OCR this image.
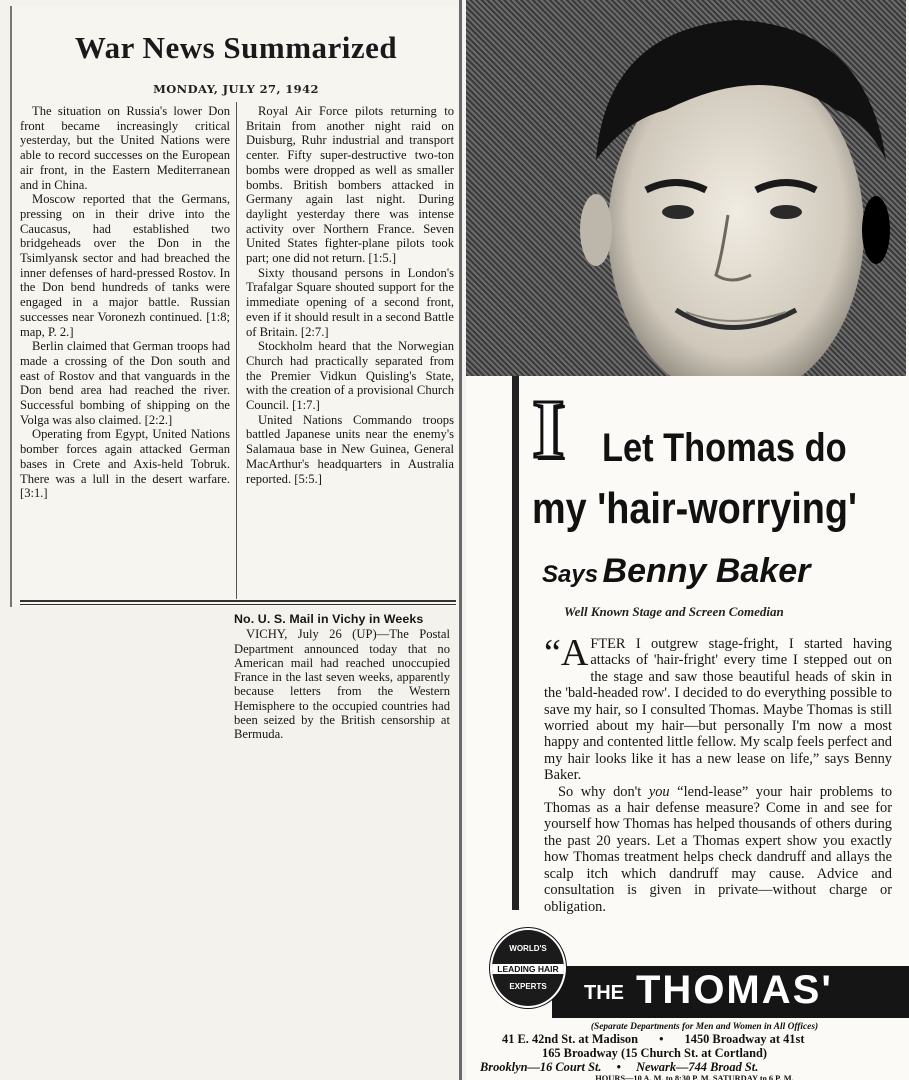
War News Summarized
MONDAY, JULY 27, 1942

The situation on Russia's lower Don front became increasingly critical yesterday, but the United Nations were able to record successes on the European air front, in the Eastern Mediterranean and in China.

Moscow reported that the Germans, pressing on in their drive into the Caucasus, had established two bridgeheads over the Don in the Tsimlyansk sector and had breached the inner defenses of hard-pressed Rostov. In the Don bend hundreds of tanks were engaged in a major battle. Russian successes near Voronezh continued. [1:8; map, P. 2.]

Berlin claimed that German troops had made a crossing of the Don south and east of Rostov and that vanguards in the Don bend area had reached the river. Successful bombing of shipping on the Volga was also claimed. [2:2.]

Operating from Egypt, United Nations bomber forces again attacked German bases in Crete and Axis-held Tobruk. There was a lull in the desert warfare. [3:1.]

Royal Air Force pilots returning to Britain from another night raid on Duisburg, Ruhr industrial and transport center. Fifty super-destructive two-ton bombs were dropped as well as smaller bombs. British bombers attacked in Germany again last night. During daylight yesterday there was intense activity over Northern France. Seven United States fighter-plane pilots took part; one did not return. [1:5.]

Sixty thousand persons in London's Trafalgar Square shouted support for the immediate opening of a second front, even if it should result in a second Battle of Britain. [2:7.]

Stockholm heard that the Norwegian Church had practically separated from the Premier Vidkun Quisling's State, with the creation of a provisional Church Council. [1:7.]

United Nations Commando troops battled Japanese units near the enemy's Salamaua base in New Guinea, General MacArthur's headquarters in Australia reported. [5:5.]

No. U. S. Mail in Vichy in Weeks

VICHY, July 26 (UP)—The Postal Department announced today that no American mail had reached unoccupied France in the last seven weeks, apparently because letters from the Western Hemisphere to the occupied countries had been seized by the British censorship at Bermuda.

I Let Thomas do
my 'hair-worrying'
Says Benny Baker
Well Known Stage and Screen Comedian

“AFTER I outgrew stage-fright, I started having attacks of 'hair-fright' every time I stepped out on the stage and saw those beautiful heads of skin in the 'bald-headed row'. I decided to do everything possible to save my hair, so I consulted Thomas. Maybe Thomas is still worried about my hair—but personally I'm now a most happy and contented little fellow. My scalp feels perfect and my hair looks like it has a new lease on life,” says Benny Baker.

So why don't you “lend-lease” your hair problems to Thomas as a hair defense measure? Come in and see for yourself how Thomas has helped thousands of others during the past 20 years. Let a Thomas expert show you exactly how Thomas treatment helps check dandruff and allays the scalp itch which dandruff may cause. Advice and consultation is given in private—without charge or obligation.

THE THOMAS'
WORLD'S
LEADING HAIR
EXPERTS
(Separate Departments for Men and Women in All Offices)
41 E. 42nd St. at Madison • 1450 Broadway at 41st
165 Broadway (15 Church St. at Cortland)
Brooklyn—16 Court St. • Newark—744 Broad St.
HOURS—10 A. M. to 8:30 P. M. SATURDAY to 6 P. M.
